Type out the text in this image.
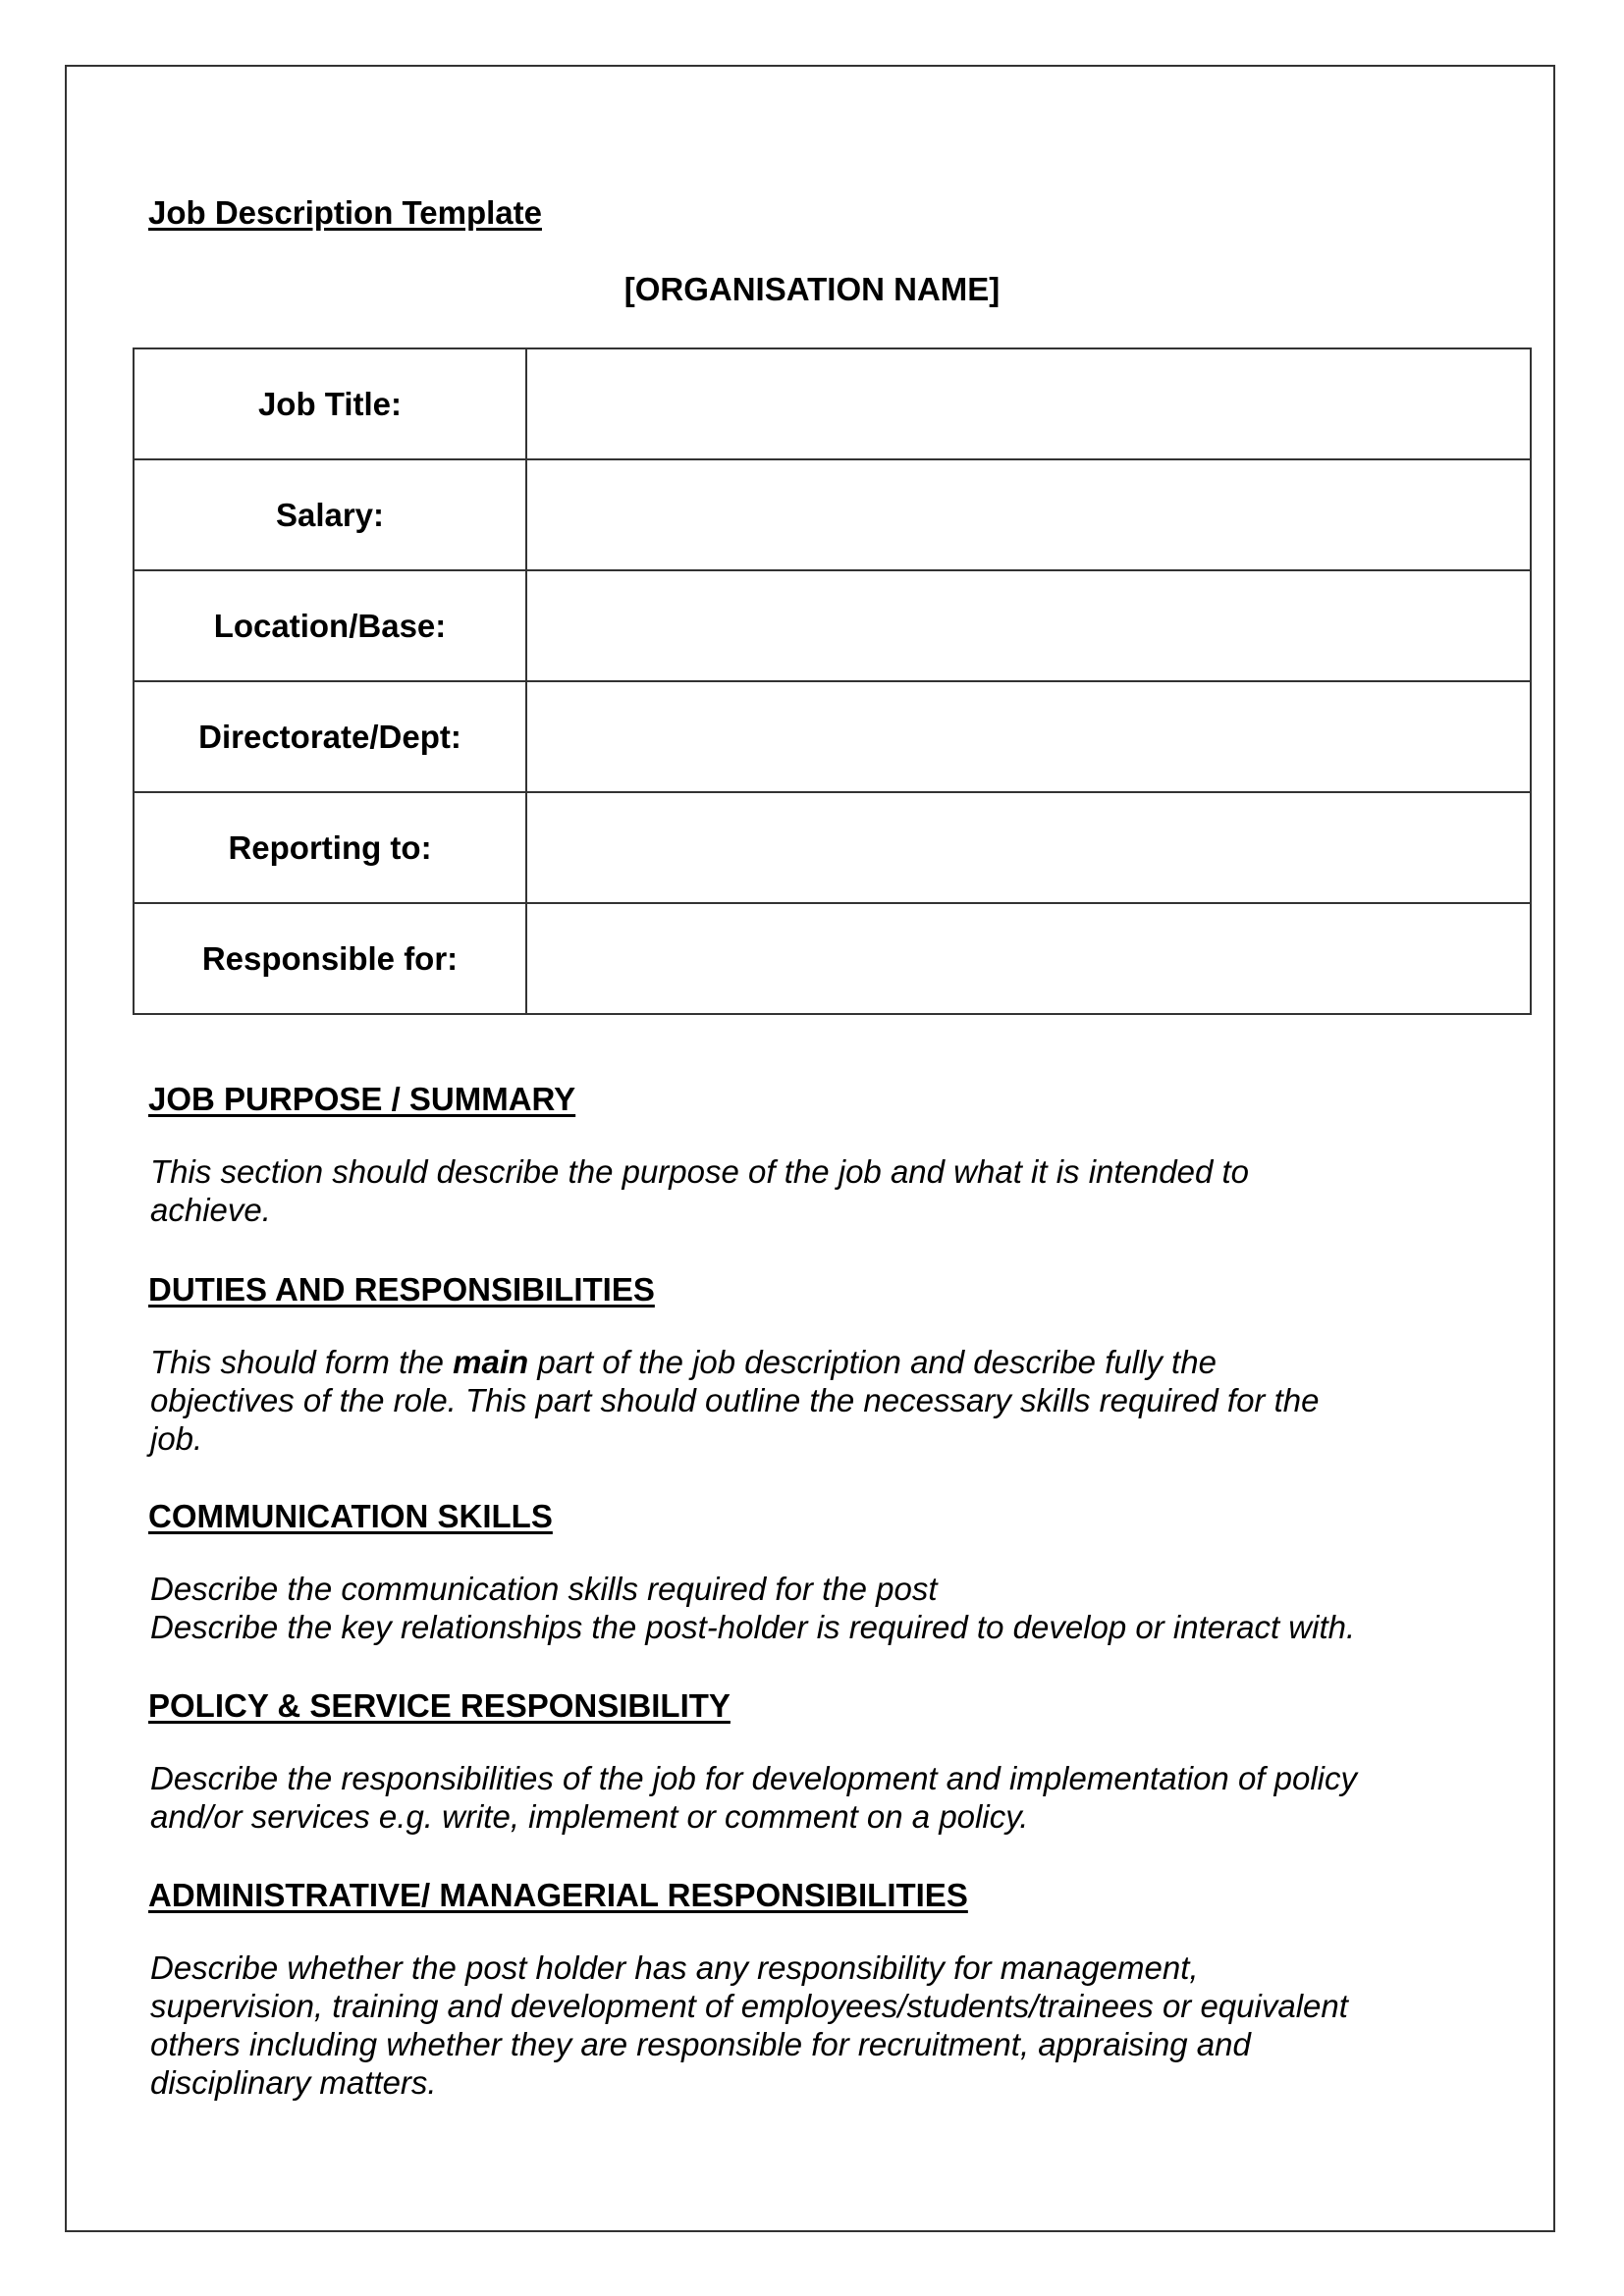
Job Description Template
[ORGANISATION NAME]
Job Title:	
Salary:	
Location/Base:	
Directorate/Dept:	
Reporting to:	
Responsible for:	
JOB PURPOSE / SUMMARY

This section should describe the purpose of the job and what it is intended to

achieve.

DUTIES AND RESPONSIBILITIES

This should form the main part of the job description and describe fully the

objectives of the role. This part should outline the necessary skills required for the

job.

COMMUNICATION SKILLS

Describe the communication skills required for the post

Describe the key relationships the post-holder is required to develop or interact with.

POLICY & SERVICE RESPONSIBILITY

Describe the responsibilities of the job for development and implementation of policy

and/or services e.g. write, implement or comment on a policy.

ADMINISTRATIVE/ MANAGERIAL RESPONSIBILITIES

Describe whether the post holder has any responsibility for management,

supervision, training and development of employees/students/trainees or equivalent

others including whether they are responsible for recruitment, appraising and

disciplinary matters.
